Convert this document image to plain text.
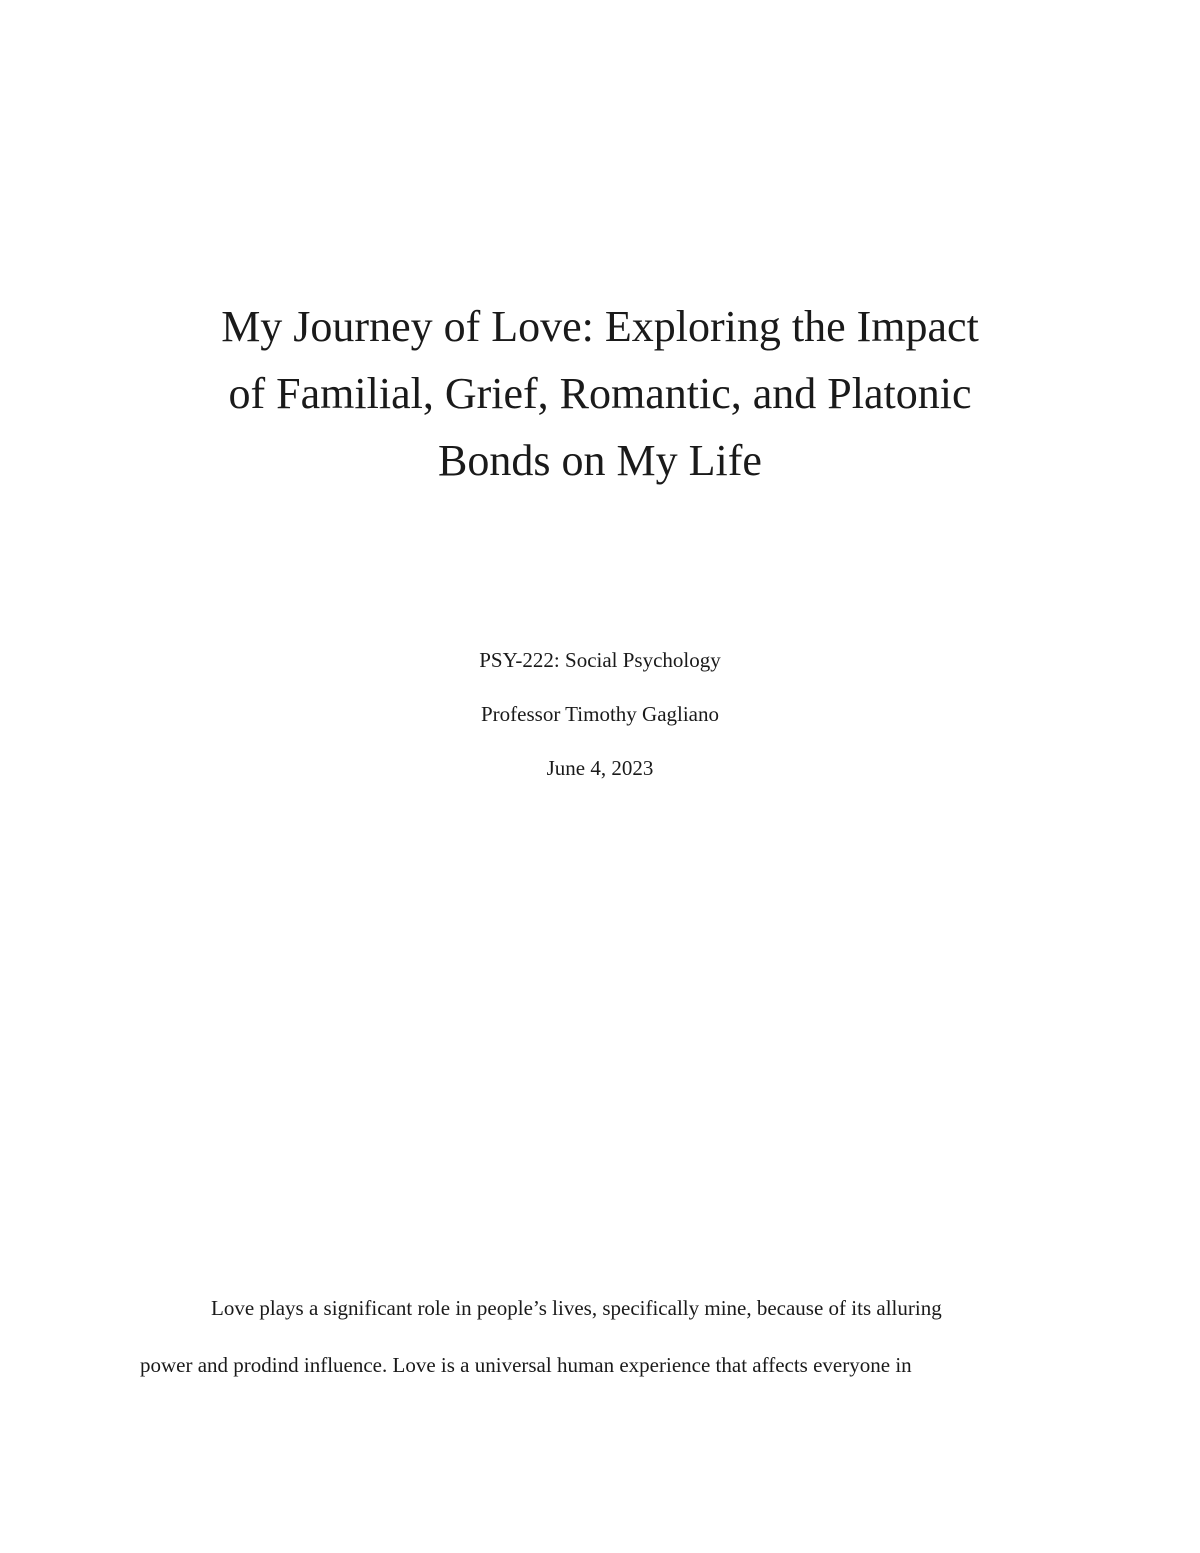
My Journey of Love: Exploring the Impact
of Familial, Grief, Romantic, and Platonic
Bonds on My Life
PSY-222: Social Psychology
Professor Timothy Gagliano
June 4, 2023
Love plays a significant role in people’s lives, specifically mine, because of its alluring
power and prodind influence. Love is a universal human experience that affects everyone in
